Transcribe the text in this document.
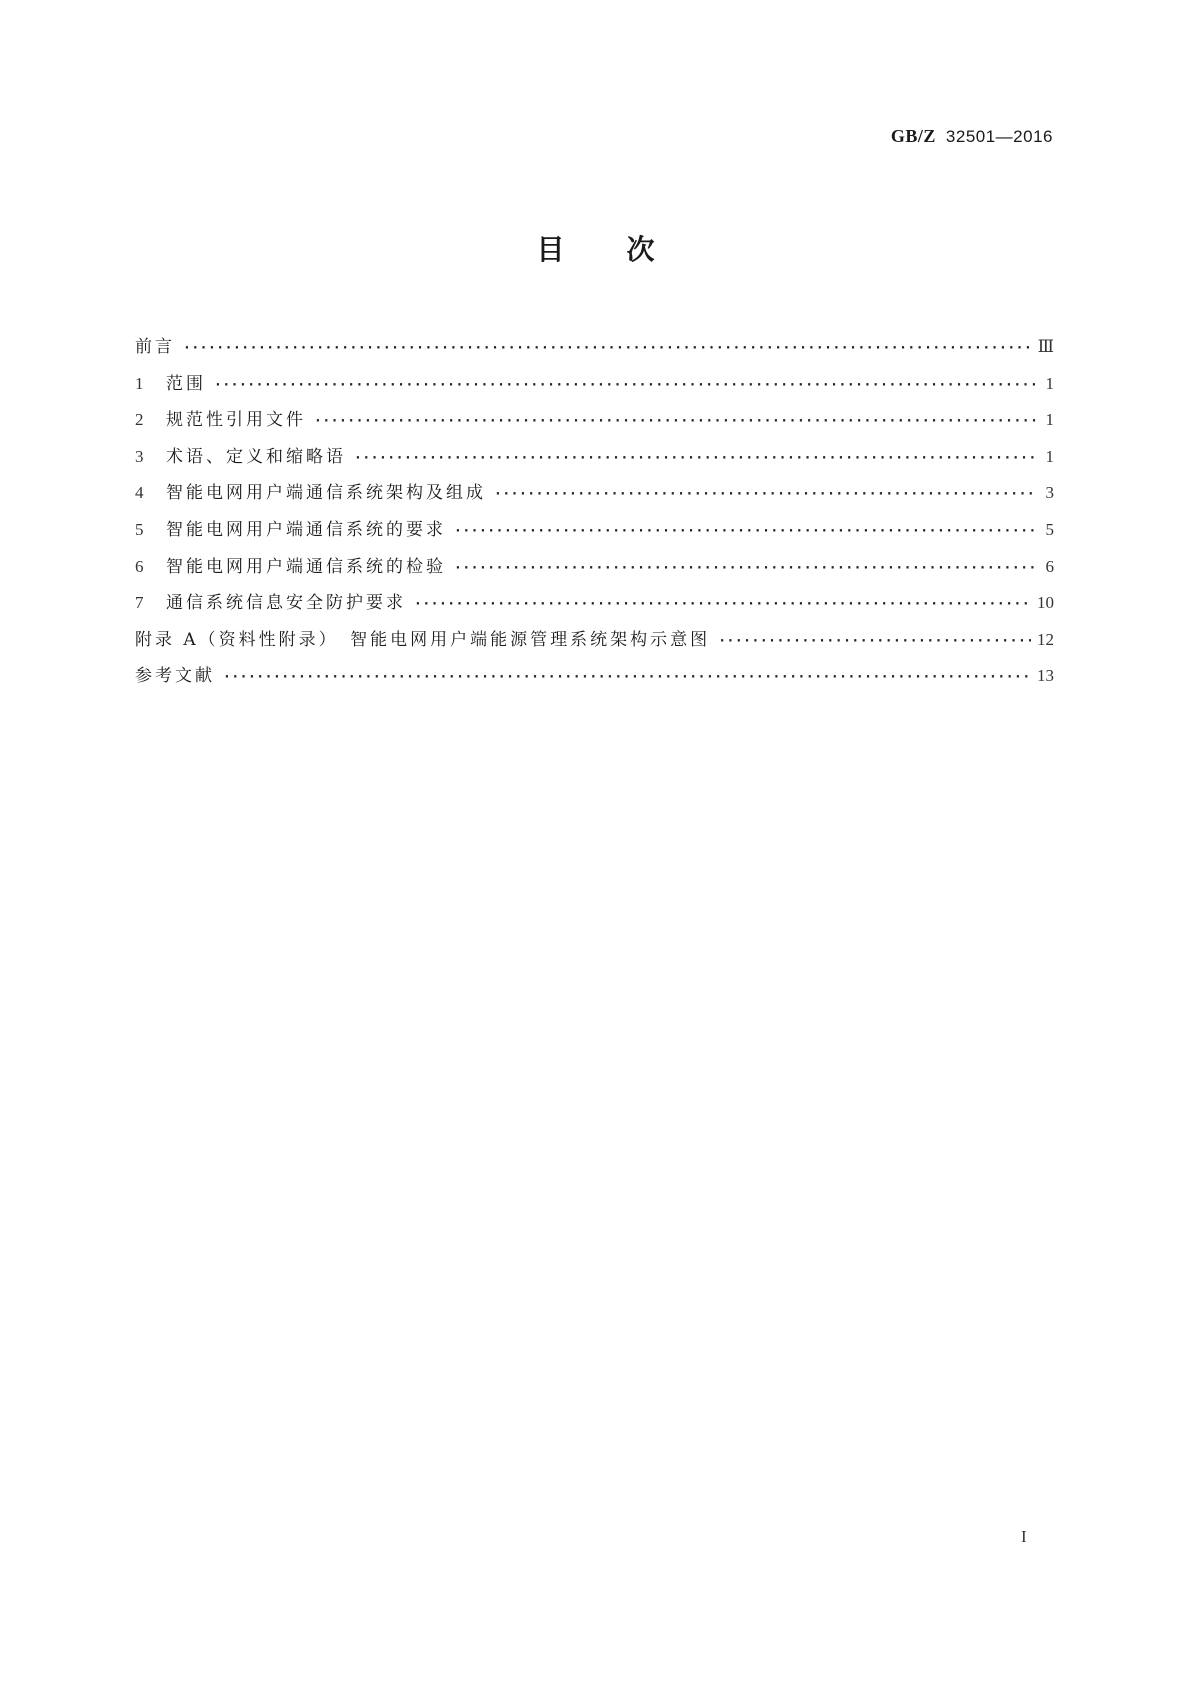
GB/Z 32501—2016
目次
前言 ·····	Ⅲ
1	范围 ·····	1
2	规范性引用文件 ·····	1
3	术语、定义和缩略语 ·····	1
4	智能电网用户端通信系统架构及组成 ·····	3
5	智能电网用户端通信系统的要求 ·····	5
6	智能电网用户端通信系统的检验 ·····	6
7	通信系统信息安全防护要求 ·····	10
附录 A（资料性附录）　智能电网用户端能源管理系统架构示意图 ·····	12
参考文献 ·····	13
I
